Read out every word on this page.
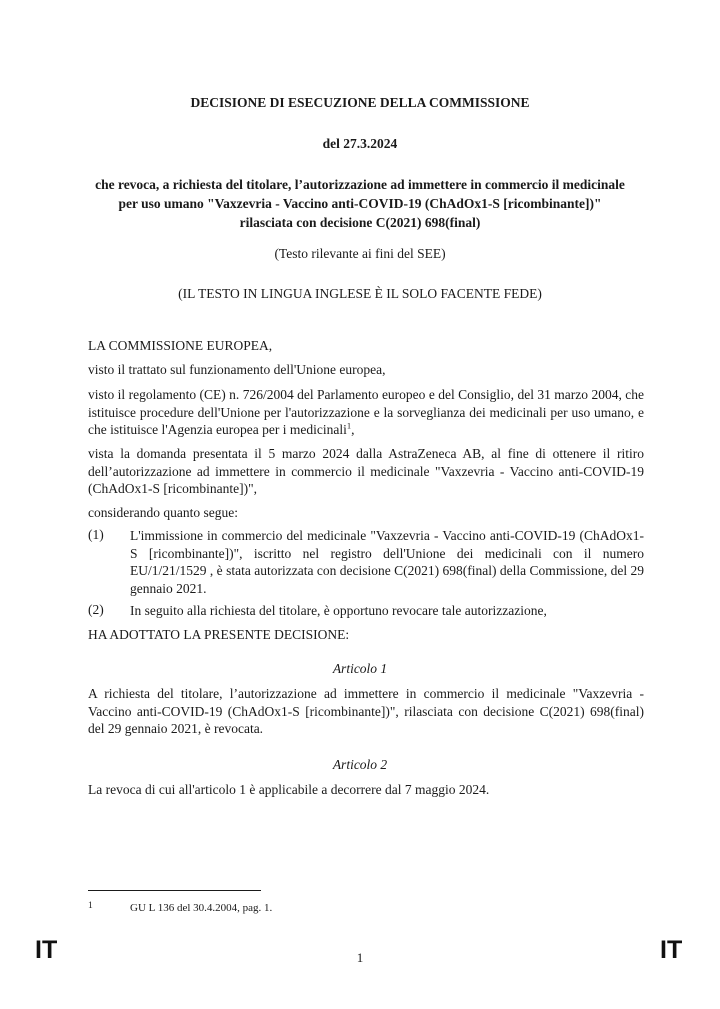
DECISIONE DI ESECUZIONE DELLA COMMISSIONE
del 27.3.2024
che revoca, a richiesta del titolare, l’autorizzazione ad immettere in commercio il medicinale per uso umano "Vaxzevria - Vaccino anti-COVID-19 (ChAdOx1-S [ricombinante])" rilasciata con decisione C(2021) 698(final)
(Testo rilevante ai fini del SEE)
(IL TESTO IN LINGUA INGLESE È IL SOLO FACENTE FEDE)
LA COMMISSIONE EUROPEA,
visto il trattato sul funzionamento dell'Unione europea,
visto il regolamento (CE) n. 726/2004 del Parlamento europeo e del Consiglio, del 31 marzo 2004, che istituisce procedure dell'Unione per l'autorizzazione e la sorveglianza dei medicinali per uso umano, e che istituisce l'Agenzia europea per i medicinali$^1$,
vista la domanda presentata il 5 marzo 2024 dalla AstraZeneca AB, al fine di ottenere il ritiro dell’autorizzazione ad immettere in commercio il medicinale "Vaxzevria - Vaccino anti-COVID-19 (ChAdOx1-S [ricombinante])",
considerando quanto segue:
(1) L'immissione in commercio del medicinale "Vaxzevria - Vaccino anti-COVID-19 (ChAdOx1-S [ricombinante])", iscritto nel registro dell'Unione dei medicinali con il numero EU/1/21/1529 , è stata autorizzata con decisione C(2021) 698(final) della Commissione, del 29 gennaio 2021.
(2) In seguito alla richiesta del titolare, è opportuno revocare tale autorizzazione,
HA ADOTTATO LA PRESENTE DECISIONE:
Articolo 1
A richiesta del titolare, l’autorizzazione ad immettere in commercio il medicinale "Vaxzevria - Vaccino anti-COVID-19 (ChAdOx1-S [ricombinante])", rilasciata con decisione C(2021) 698(final) del 29 gennaio 2021, è revocata.
Articolo 2
La revoca di cui all'articolo 1 è applicabile a decorrere dal 7 maggio 2024.
1	GU L 136 del 30.4.2004, pag. 1.
IT	1	IT
